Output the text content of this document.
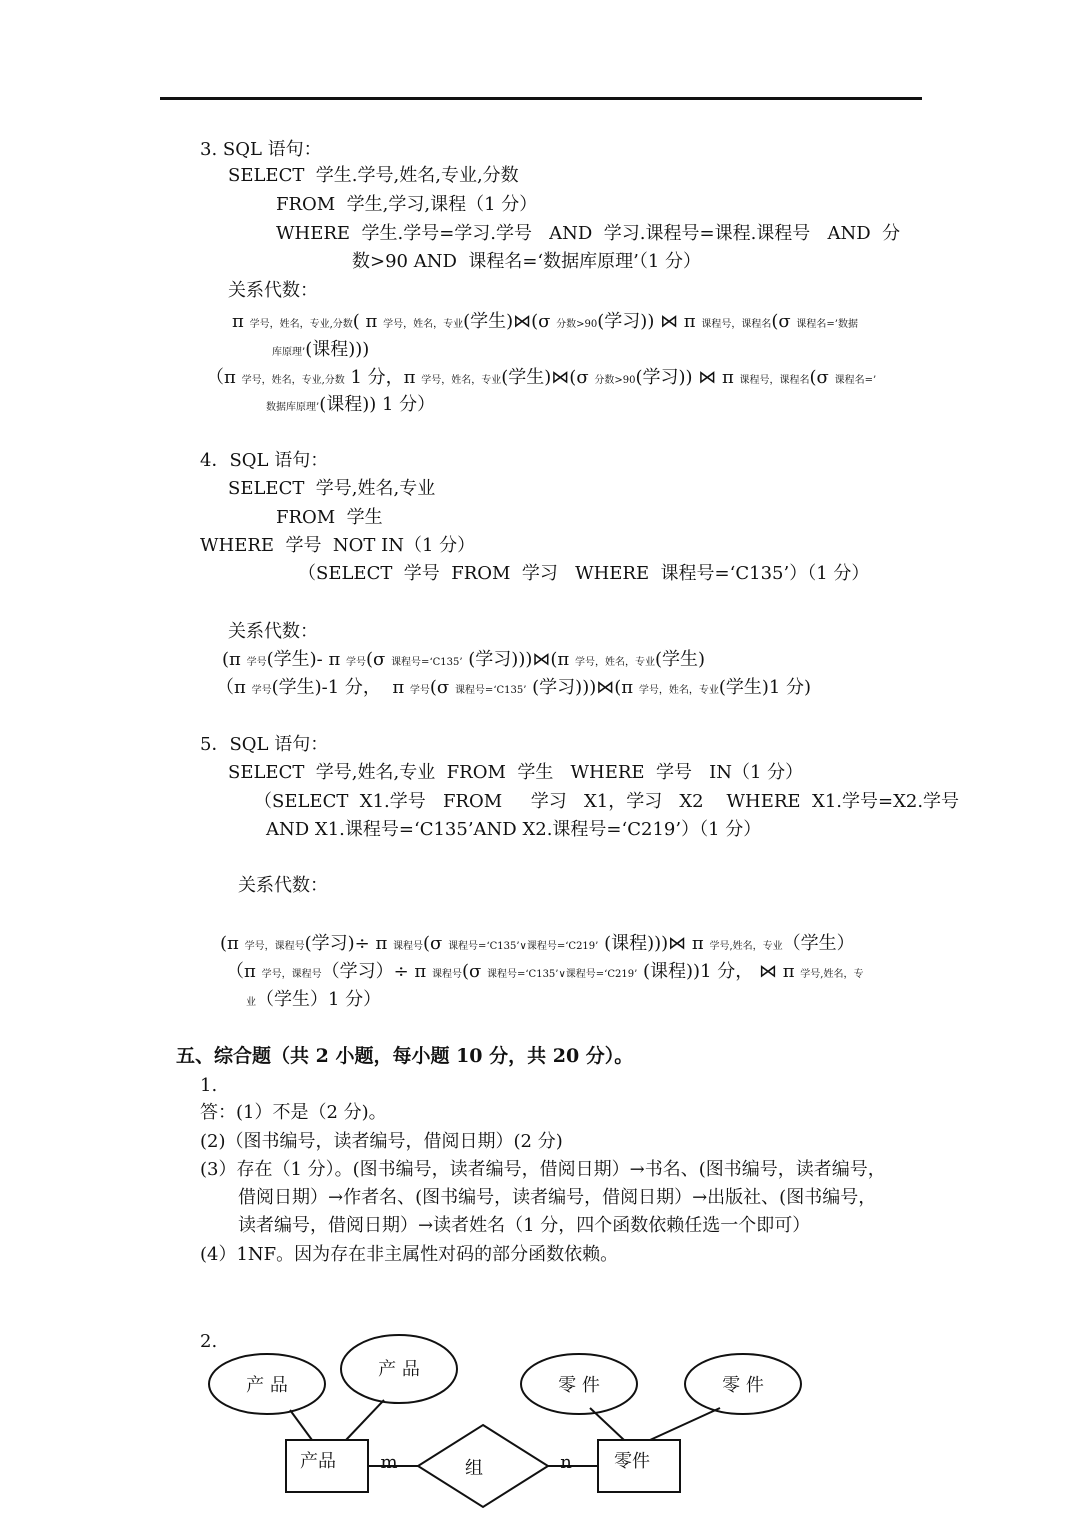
3. SQL 语句：
SELECT  学生.学号,姓名,专业,分数
FROM  学生,学习,课程（1 分）
WHERE  学生.学号=学习.学号   AND  学习.课程号=课程.课程号   AND  分
数>90 AND  课程名=‘数据库原理’（1 分）
关系代数：
π 学号，姓名，专业,分数( π 学号，姓名，专业(学生)⋈(σ 分数>90(学习)) ⋈ π 课程号，课程名(σ 课程名=’数据
库原理’(课程)))
（π 学号，姓名，专业,分数 1 分，π 学号，姓名，专业(学生)⋈(σ 分数>90(学习)) ⋈ π 课程号，课程名(σ 课程名=’
数据库原理’(课程)) 1 分）
4．SQL 语句：
SELECT  学号,姓名,专业
FROM  学生
WHERE  学号  NOT IN（1 分）
（SELECT  学号  FROM  学习   WHERE  课程号=‘C135’）（1 分）
关系代数：
(π 学号(学生)- π 学号(σ 课程号=‘C135’ (学习)))⋈(π 学号，姓名，专业(学生)
（π 学号(学生)-1 分，  π 学号(σ 课程号=‘C135’ (学习)))⋈(π 学号，姓名，专业(学生)1 分)
5．SQL 语句：
SELECT  学号,姓名,专业  FROM  学生   WHERE  学号   IN（1 分）
（SELECT  X1.学号   FROM     学习   X1，学习   X2    WHERE  X1.学号=X2.学号
AND X1.课程号=‘C135’AND X2.课程号=‘C219’）（1 分）
关系代数：
(π 学号，课程号(学习)÷ π 课程号(σ 课程号=‘C135’∨课程号=‘C219’ (课程)))⋈ π 学号,姓名，专业（学生）
（π 学号，课程号（学习）÷ π 课程号(σ 课程号=‘C135’∨课程号=‘C219’ (课程))1 分， ⋈ π 学号,姓名，专
业（学生）1 分）
五、综合题（共 2 小题，每小题 10 分，共 20 分）。
1.
答：(1）不是（2 分)。
(2)（图书编号，读者编号，借阅日期）(2 分)
(3）存在（1 分）。(图书编号，读者编号，借阅日期）→书名、(图书编号，读者编号，
借阅日期）→作者名、(图书编号，读者编号，借阅日期）→出版社、(图书编号，
读者编号，借阅日期）→读者姓名（1 分，四个函数依赖任选一个即可）
(4）1NF。因为存在非主属性对码的部分函数依赖。
2.
产 品
产 品
零 件	零 件
产品	零件
组
m	n
